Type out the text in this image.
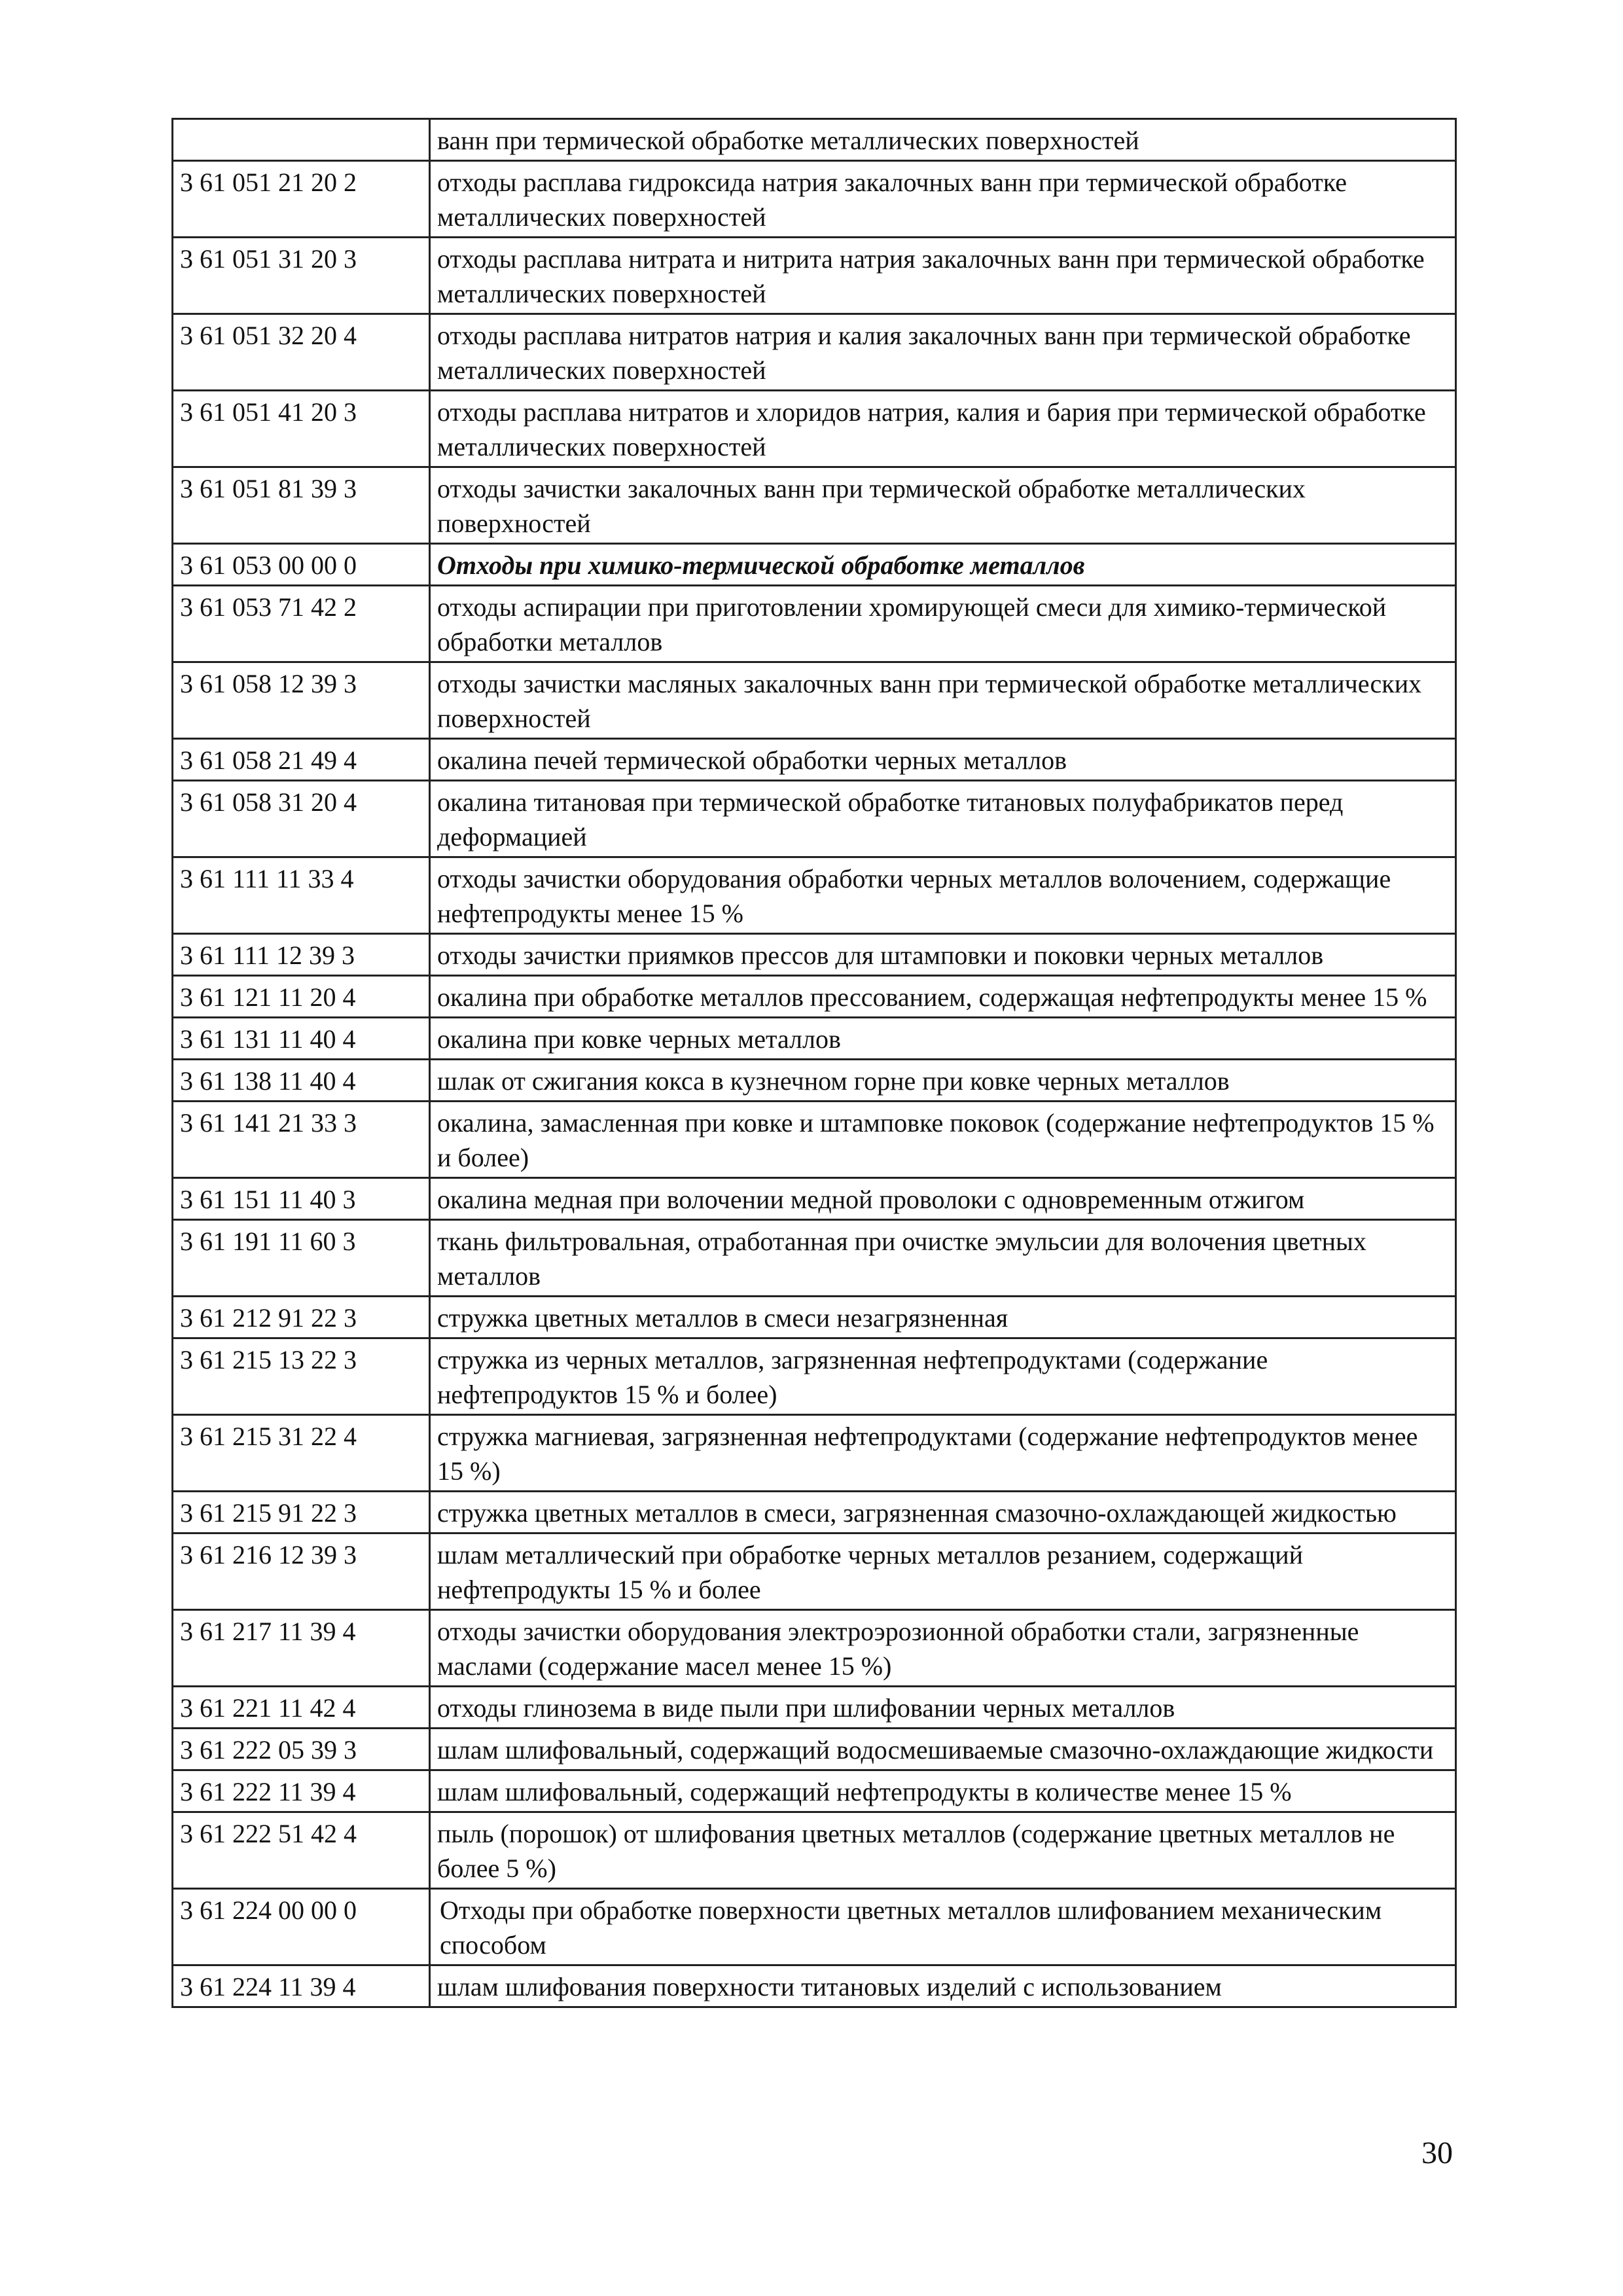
	ванн при термической обработке металлических поверхностей
3 61 051 21 20 2	отходы расплава гидроксида натрия закалочных ванн при термической обработке металлических поверхностей
3 61 051 31 20 3	отходы расплава нитрата и нитрита натрия закалочных ванн при термической обработке металлических поверхностей
3 61 051 32 20 4	отходы расплава нитратов натрия и калия закалочных ванн при термической обработке металлических поверхностей
3 61 051 41 20 3	отходы расплава нитратов и хлоридов натрия, калия и бария при термической обработке металлических поверхностей
3 61 051 81 39 3	отходы зачистки закалочных ванн при термической обработке металлических поверхностей
3 61 053 00 00 0	Отходы при химико-термической обработке металлов
3 61 053 71 42 2	отходы аспирации при приготовлении хромирующей смеси для химико-термической обработки металлов
3 61 058 12 39 3	отходы зачистки масляных закалочных ванн при термической обработке металлических поверхностей
3 61 058 21 49 4	окалина печей термической обработки черных металлов
3 61 058 31 20 4	окалина титановая при термической обработке титановых полуфабрикатов перед деформацией
3 61 111 11 33 4	отходы зачистки оборудования обработки черных металлов волочением, содержащие нефтепродукты менее 15 %
3 61 111 12 39 3	отходы зачистки приямков прессов для штамповки и поковки черных металлов
3 61 121 11 20 4	окалина при обработке металлов прессованием, содержащая нефтепродукты менее 15 %
3 61 131 11 40 4	окалина при ковке черных металлов
3 61 138 11 40 4	шлак от сжигания кокса в кузнечном горне при ковке черных металлов
3 61 141 21 33 3	окалина, замасленная при ковке и штамповке поковок (содержание нефтепродуктов 15 % и более)
3 61 151 11 40 3	окалина медная при волочении медной проволоки с одновременным отжигом
3 61 191 11 60 3	ткань фильтровальная, отработанная при очистке эмульсии для волочения цветных металлов
3 61 212 91 22 3	стружка цветных металлов в смеси незагрязненная
3 61 215 13 22 3	стружка из черных металлов, загрязненная нефтепродуктами (содержание нефтепродуктов 15 % и более)
3 61 215 31 22 4	стружка магниевая, загрязненная нефтепродуктами (содержание нефтепродуктов менее 15 %)
3 61 215 91 22 3	стружка цветных металлов в смеси, загрязненная смазочно-охлаждающей жидкостью
3 61 216 12 39 3	шлам металлический при обработке черных металлов резанием, содержащий нефтепродукты 15 % и более
3 61 217 11 39 4	отходы зачистки оборудования электроэрозионной обработки стали, загрязненные маслами (содержание масел менее 15 %)
3 61 221 11 42 4	отходы глинозема в виде пыли при шлифовании черных металлов
3 61 222 05 39 3	шлам шлифовальный, содержащий водосмешиваемые смазочно-охлаждающие жидкости
3 61 222 11 39 4	шлам шлифовальный, содержащий нефтепродукты в количестве менее 15 %
3 61 222 51 42 4	пыль (порошок) от шлифования цветных металлов (содержание цветных металлов не более 5 %)
3 61 224 00 00 0	Отходы при обработке поверхности цветных металлов шлифованием механическим способом
3 61 224 11 39 4	шлам шлифования поверхности титановых изделий с использованием
30
